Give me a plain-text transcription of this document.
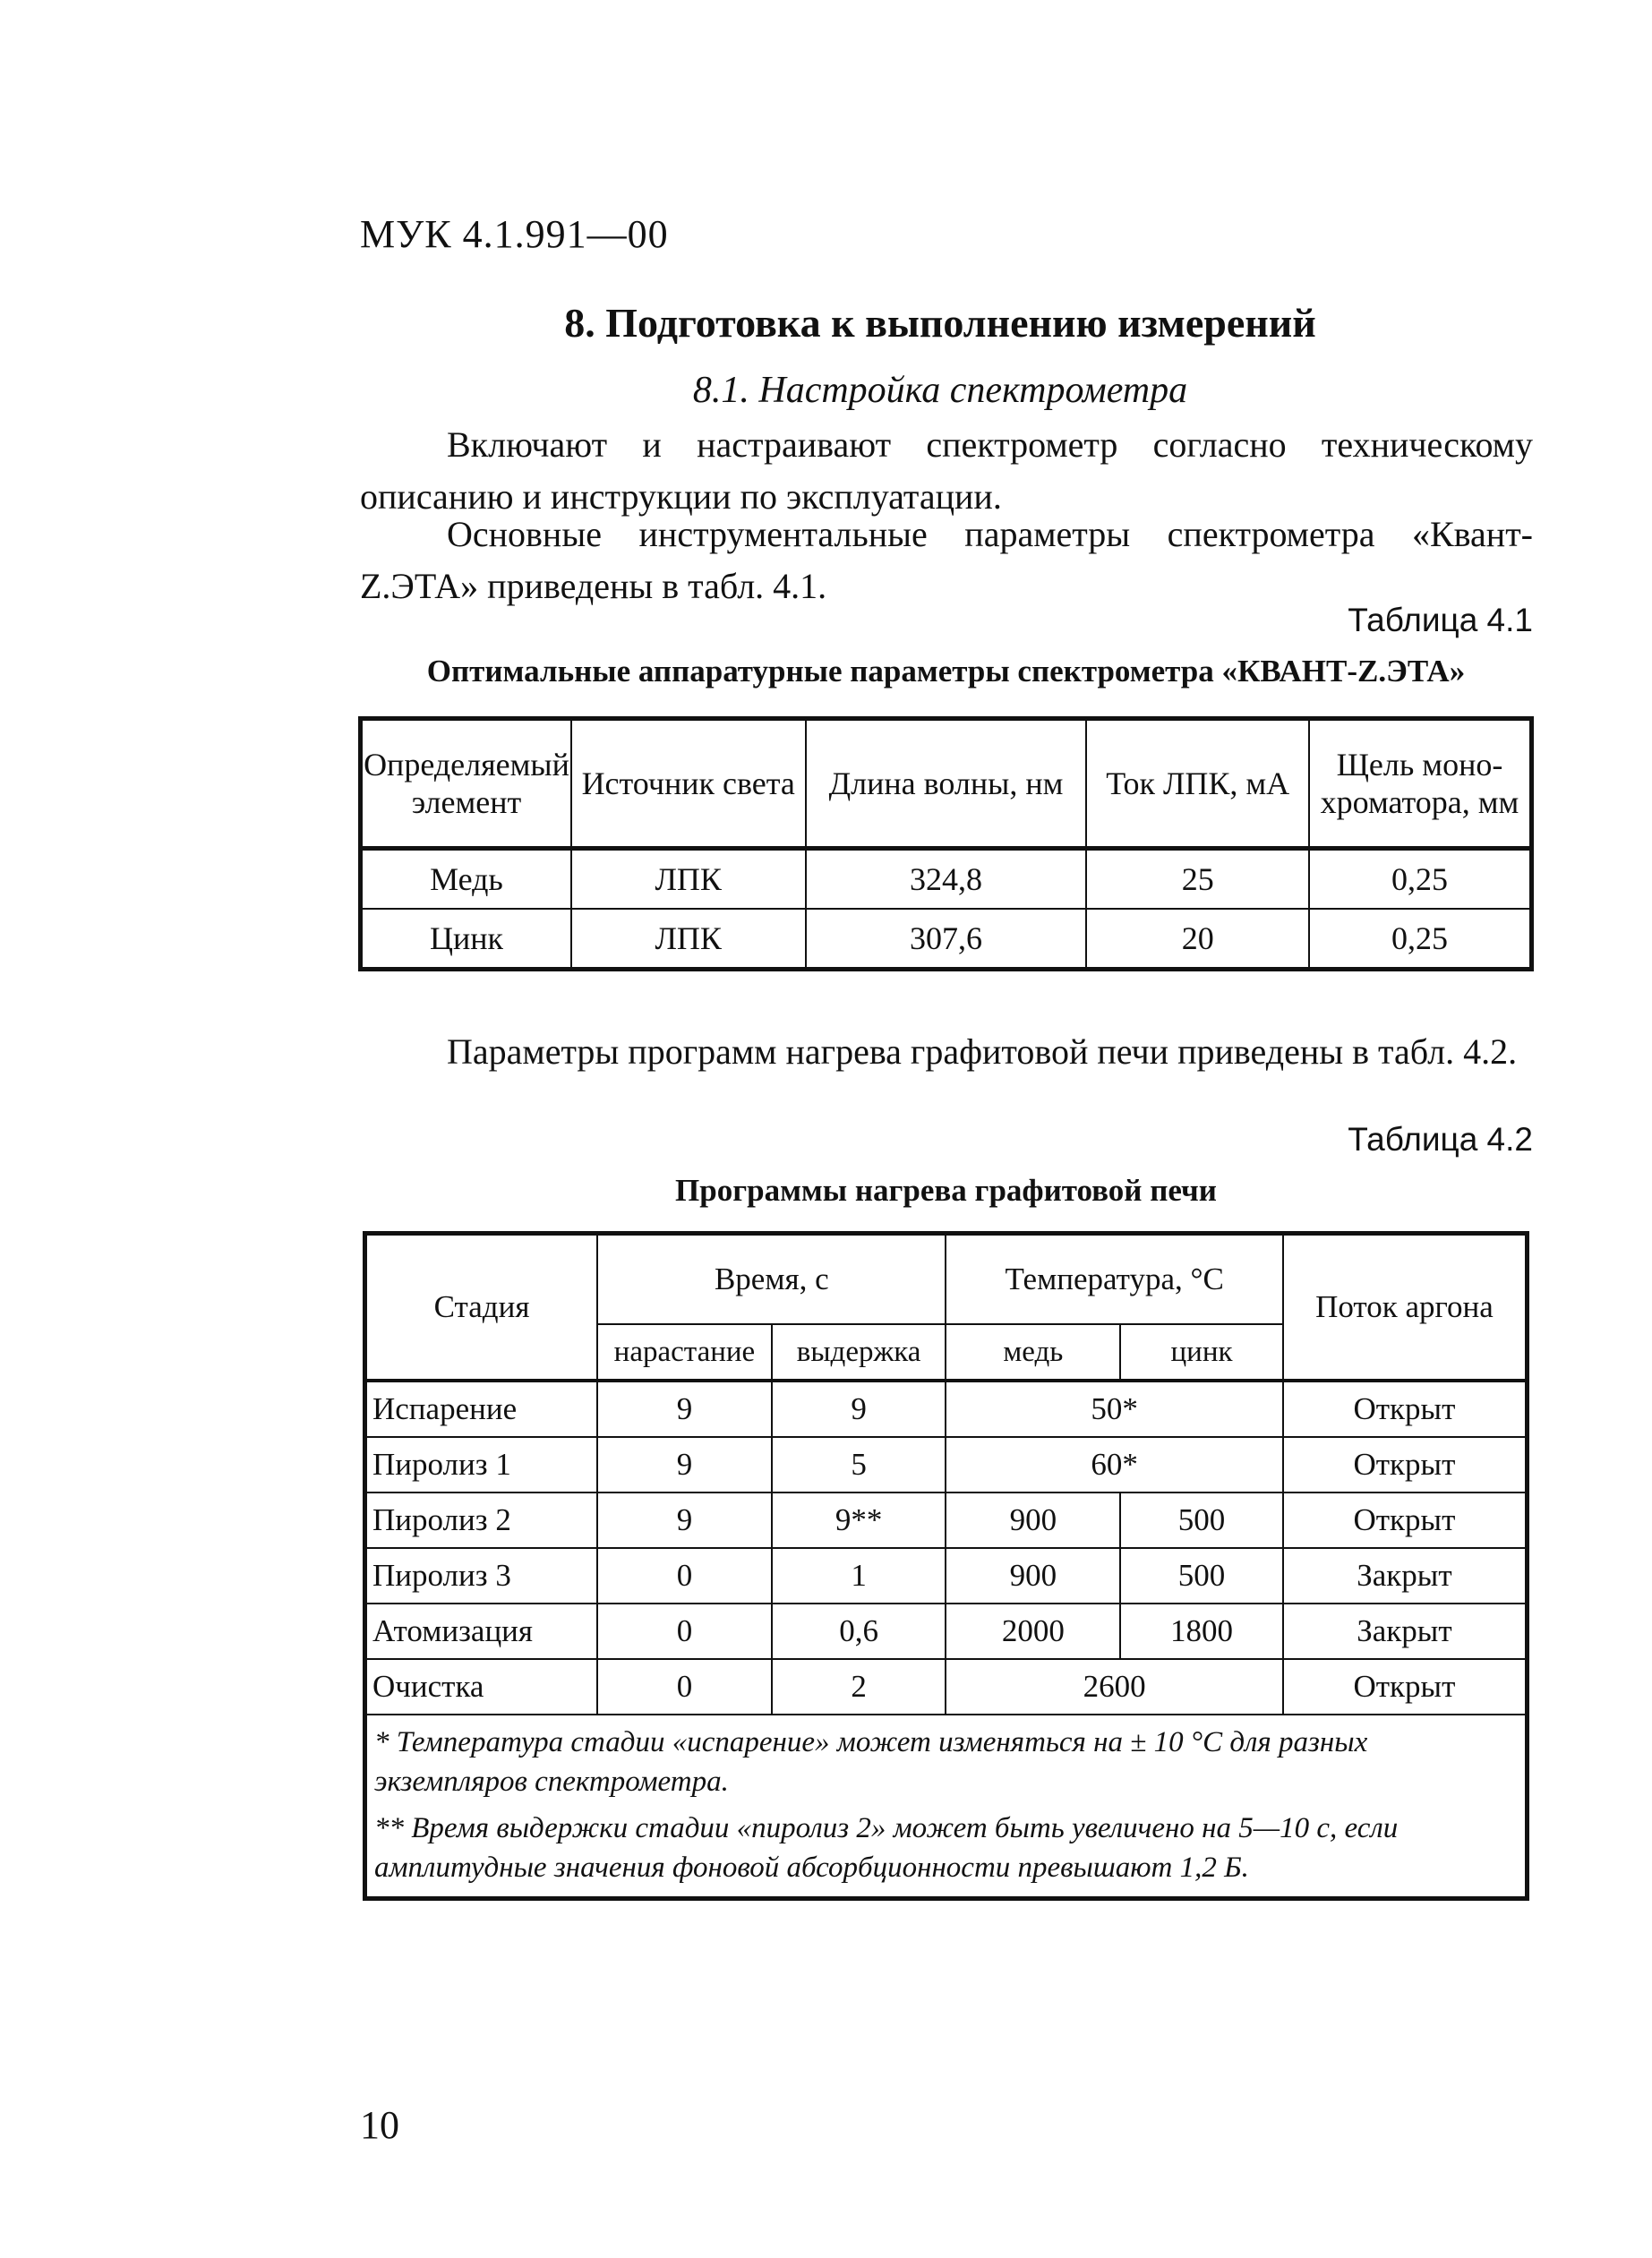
МУК 4.1.991—00
8. Подготовка к выполнению измерений
8.1. Настройка спектрометра

Включают и настраивают спектрометр согласно техническому описанию и инструкции по эксплуатации.

Основные инструментальные параметры спектрометра «Квант-Z.ЭТА» приведены в табл. 4.1.

Таблица 4.1
Оптимальные аппаратурные параметры спектрометра «КВАНТ-Z.ЭТА»
Определяемый элемент	Источник света	Длина волны, нм	Ток ЛПК, мА	Щель моно-хроматора, мм
Медь	ЛПК	324,8	25	0,25
Цинк	ЛПК	307,6	20	0,25

Параметры программ нагрева графитовой печи приведены в табл. 4.2.

Таблица 4.2
Программы нагрева графитовой печи
Стадия	Время, с		Температура, °С		Поток аргона
	нарастание	выдержка	медь	цинк	
Испарение	9	9	50*		Открыт
Пиролиз 1	9	5	60*		Открыт
Пиролиз 2	9	9**	900	500	Открыт
Пиролиз 3	0	1	900	500	Закрыт
Атомизация	0	0,6	2000	1800	Закрыт
Очистка	0	2	2600		Открыт
* Температура стадии «испарение» может изменяться на ± 10 °С для разных экземпляров спектрометра.					
** Время выдержки стадии «пиролиз 2» может быть увеличено на 5—10 с, если амплитудные значения фоновой абсорбционности превышают 1,2 Б.					
10
